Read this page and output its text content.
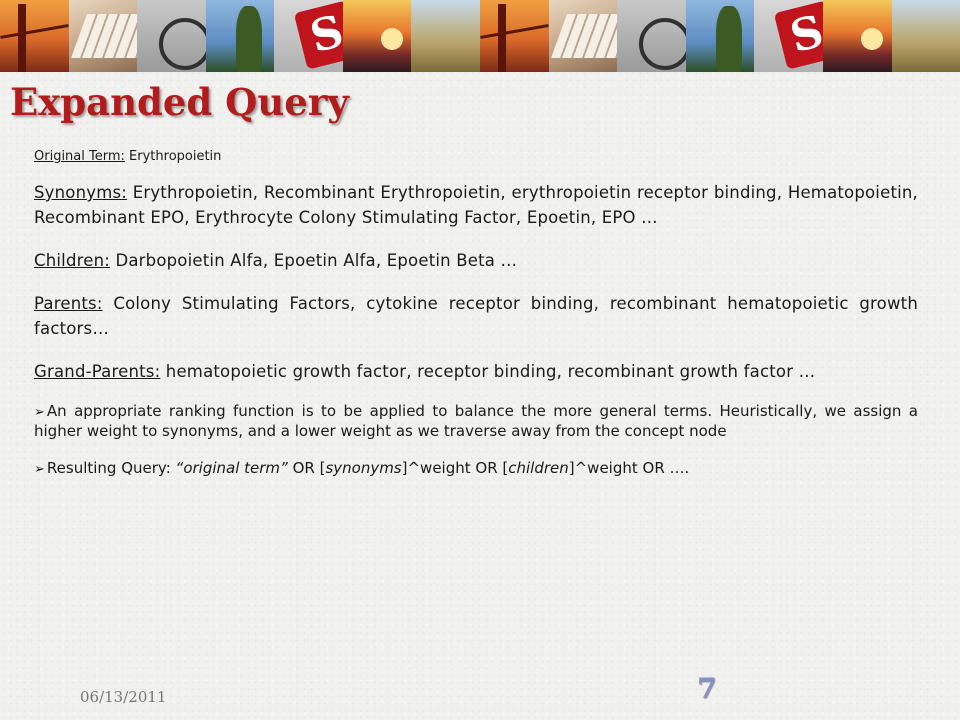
S
S
Expanded Query

Original Term: Erythropoietin

Synonyms: Erythropoietin, Recombinant Erythropoietin, erythropoietin receptor binding, Hematopoietin, Recombinant EPO, Erythrocyte Colony Stimulating Factor, Epoetin, EPO …

Children: Darbopoietin Alfa, Epoetin Alfa, Epoetin Beta …

Parents: Colony Stimulating Factors, cytokine receptor binding, recombinant hematopoietic growth factors…

Grand-Parents: hematopoietic growth factor, receptor binding, recombinant growth factor …

➢ An appropriate ranking function is to be applied to balance the more general terms. Heuristically, we assign a higher weight to synonyms, and a lower weight as we traverse away from the concept node

➢ Resulting Query: “original term” OR [synonyms]^weight OR [children]^weight OR ….

06/13/2011	7
